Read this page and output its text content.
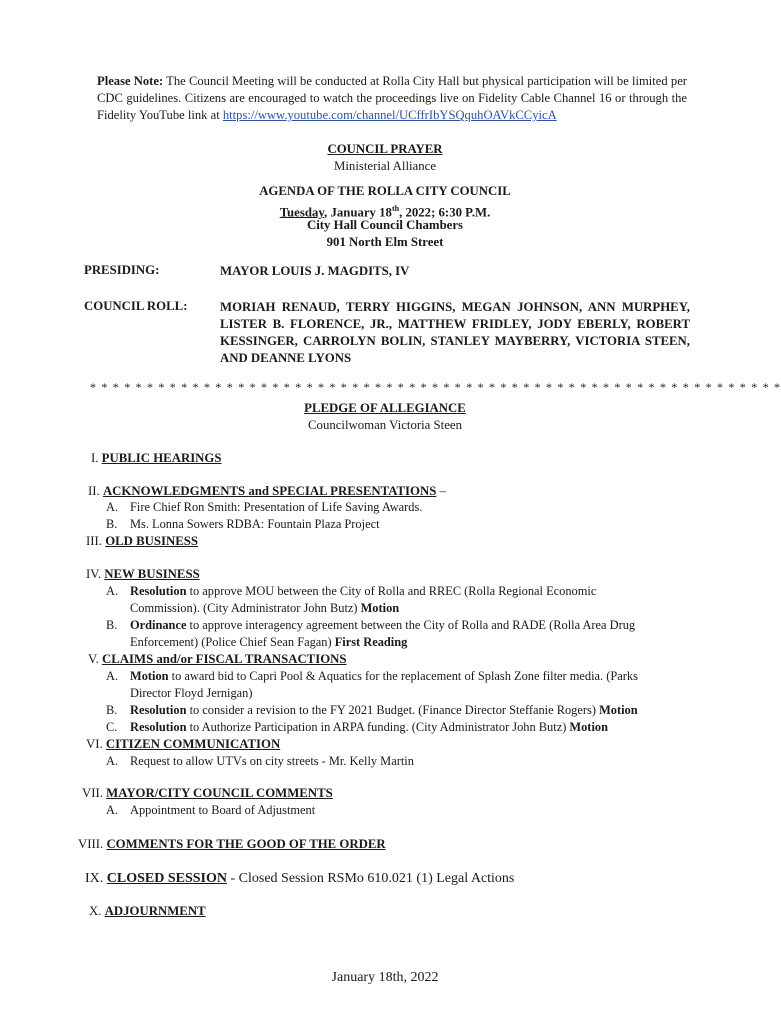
Please Note: The Council Meeting will be conducted at Rolla City Hall but physical participation will be limited per CDC guidelines. Citizens are encouraged to watch the proceedings live on Fidelity Cable Channel 16 or through the Fidelity YouTube link at https://www.youtube.com/channel/UCffrIbYSQquhOAVkCCyicA
COUNCIL PRAYER
Ministerial Alliance
AGENDA OF THE ROLLA CITY COUNCIL
Tuesday, January 18th, 2022; 6:30 P.M.
City Hall Council Chambers
901 North Elm Street
PRESIDING:	MAYOR LOUIS J. MAGDITS, IV
COUNCIL ROLL:	MORIAH RENAUD, TERRY HIGGINS, MEGAN JOHNSON, ANN MURPHEY, LISTER B. FLORENCE, JR., MATTHEW FRIDLEY, JODY EBERLY, ROBERT KESSINGER, CARROLYN BOLIN, STANLEY MAYBERRY, VICTORIA STEEN, AND DEANNE LYONS
* * * * * * * * * * * * * * * * * * * * * * * * * * * * * * * * * * * * * * * * * * * * * * * * * * * * * * * * * * * * *
PLEDGE OF ALLEGIANCE
Councilwoman Victoria Steen
I. PUBLIC HEARINGS
II. ACKNOWLEDGMENTS and SPECIAL PRESENTATIONS –
A. Fire Chief Ron Smith: Presentation of Life Saving Awards.
B. Ms. Lonna Sowers RDBA: Fountain Plaza Project
III. OLD BUSINESS
IV. NEW BUSINESS
A. Resolution to approve MOU between the City of Rolla and RREC (Rolla Regional Economic
Commission). (City Administrator John Butz) Motion
B. Ordinance to approve interagency agreement between the City of Rolla and RADE (Rolla Area Drug
Enforcement) (Police Chief Sean Fagan) First Reading
V. CLAIMS and/or FISCAL TRANSACTIONS
A. Motion to award bid to Capri Pool & Aquatics for the replacement of Splash Zone filter media. (Parks
Director Floyd Jernigan)
B. Resolution to consider a revision to the FY 2021 Budget. (Finance Director Steffanie Rogers) Motion
C. Resolution to Authorize Participation in ARPA funding. (City Administrator John Butz) Motion
VI. CITIZEN COMMUNICATION
A. Request to allow UTVs on city streets - Mr. Kelly Martin
VII. MAYOR/CITY COUNCIL COMMENTS
A. Appointment to Board of Adjustment
VIII. COMMENTS FOR THE GOOD OF THE ORDER
IX. CLOSED SESSION - Closed Session RSMo 610.021 (1) Legal Actions
X. ADJOURNMENT
January 18th, 2022
